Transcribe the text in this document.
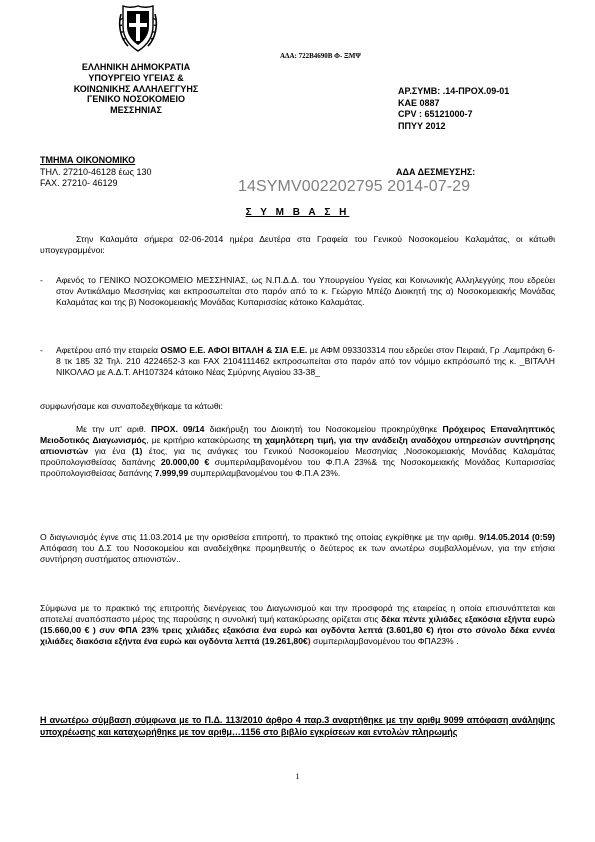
ΑΔΑ: 722Β4690Β Φ- ΞΜΨ
ΕΛΛΗΝΙΚΗ ΔΗΜΟΚΡΑΤΙΑ
ΥΠΟΥΡΓΕΙΟ ΥΓΕΙΑΣ &
ΚΟΙΝΩΝΙΚΗΣ ΑΛΛΗΛΕΓΓΥΗΣ
ΓΕΝΙΚΟ ΝΟΣΟΚΟΜΕΙΟ
ΜΕΣΣΗΝΙΑΣ
ΑΡ.ΣΥΜΒ: .14-ΠΡΟΧ.09-01
ΚΑΕ 0887
CPV : 65121000-7
ΠΠΥΥ 2012
ΤΜΗΜΑ ΟΙΚΟΝΟΜΙΚΟ
ΤΗΛ. 27210-46128 έως 130
FAX. 27210- 46129
ΑΔΑ ΔΕΣΜΕΥΣΗΣ:
14SYMV002202795 2014-07-29
Σ Υ Μ Β Α Σ Η
Στην Καλαμάτα σήμερα 02-06-2014 ημέρα Δευτέρα στα Γραφεία του Γενικού Νοσοκομείου Καλαμάτας, οι κάτωθι υπογεγραμμένοι:
-	Αφενός το ΓΕΝΙΚΟ ΝΟΣΟΚΟΜΕΙΟ ΜΕΣΣΗΝΙΑΣ, ως Ν.Π.Δ.Δ. του Υπουργείου Υγείας και Κοινωνικής Αλληλεγγύης που εδρεύει στον Αντικάλαμο Μεσσηνίας και εκπροσωπείται στο παρόν από το κ. Γεώργιο Μπέζο Διοικητή της α) Νοσοκομειακής Μονάδας Καλαμάτας και της β) Νοσοκομειακής Μονάδας Κυπαρισσίας κάτοικο Καλαμάτας.
-	Αφετέρου από την εταιρεία OSMO Ε.Ε. ΑΦΟΙ ΒΙΤΑΛΗ & ΣΙΑ Ε.Ε. με ΑΦΜ 093303314 που εδρεύει στον Πειραιά, Γρ .Λαμπράκη 6-8 τκ 185 32 Τηλ. 210 4224652-3 και FAX 2104111462 εκπροσωπείται στο παρόν από τον νόμιμο εκπρόσωπό της κ. _ΒΙΤΑΛΗ ΝΙΚΟΛΑΟ με Α.Δ.Τ. ΑΗ107324 κάτοικο Νέας Σμύρνης Αιγαίου 33-38_
συμφωνήσαμε και συναποδεχθήκαμε τα κάτωθι:
Με την υπ' αριθ. ΠΡΟΧ. 09/14 διακήρυξη του Διοικητή του Νοσοκομείου προκηρύχθηκε Πρόχειρος Επαναληπτικός Μειοδοτικός Διαγωνισμός, με κριτήριο κατακύρωσης τη χαμηλότερη τιμή, για την ανάδειξη αναδόχου υπηρεσιών συντήρησης απιονιστών για ένα (1) έτος, για τις ανάγκες του Γενικού Νοσοκομείου Μεσσηνίας ,Νοσοκομειακής Μονάδας Καλαμάτας προϋπολογισθείσας δαπάνης 20.000,00 € συμπεριλαμβανομένου του Φ.Π.Α 23%& της Νοσοκομειακής Μονάδας Κυπαρισσίας προϋπολογισθείσας δαπάνης 7.999,99 συμπεριλαμβανομένου του Φ.Π.Α 23%.
Ο διαγωνισμός έγινε στις 11.03.2014 με την ορισθείσα επιτροπή, το πρακτικό της οποίας εγκρίθηκε με την αριθμ. 9/14.05.2014 (0:59) Απόφαση του Δ.Σ του Νοσοκομείου και αναδείχθηκε προμηθευτής ο δεύτερος εκ των ανωτέρω συμβαλλομένων, για την ετήσια συντήρηση συστήματος απιονιστών..
Σύμφωνα με το πρακτικό της επιτροπής διενέργειας του Διαγωνισμού και την προσφορά της εταιρείας η οποία επισυνάπτεται και αποτελεί αναπόσπαστο μέρος της παρούσης η συνολική τιμή κατακύρωσης ορίζεται στις δέκα πέντε χιλιάδες εξακόσια εξήντα ευρώ (15.660,00 € ) συν ΦΠΑ 23% τρεις χιλιάδες εξακόσια ένα ευρώ και ογδόντα λεπτά (3.601,80 €) ήτοι στο σύνολο δέκα εννέα χιλιάδες διακόσια εξήντα ένα ευρώ και ογδόντα λεπτά (19.261,80€) συμπεριλαμβανομένου του ΦΠΑ23% .
Η ανωτέρω σύμβαση σύμφωνα με το Π.Δ. 113/2010 άρθρο 4 παρ.3 αναρτήθηκε με την αριθμ 9099 απόφαση ανάληψης υποχρέωσης και καταχωρήθηκε με τον αριθμ…1156 στο βιβλίο εγκρίσεων και εντολών πληρωμής
1
